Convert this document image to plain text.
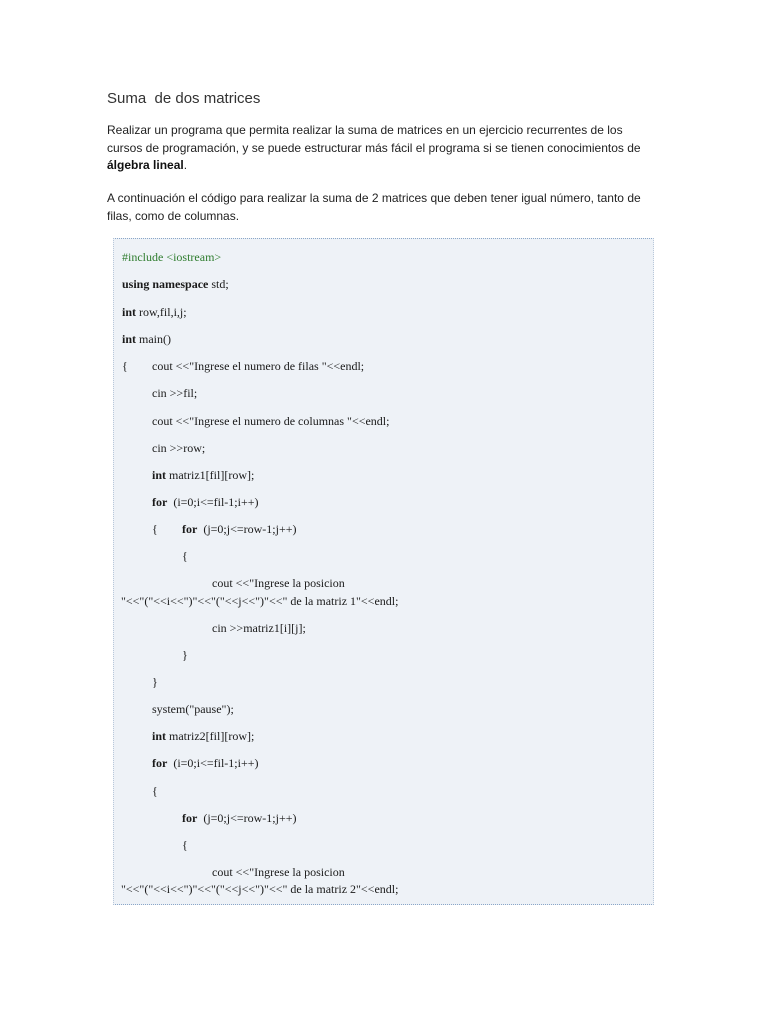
Suma  de dos matrices

Realizar un programa que permita realizar la suma de matrices en un ejercicio recurrentes de los cursos de programación, y se puede estructurar más fácil el programa si se tienen conocimientos de álgebra lineal.

A continuación el código para realizar la suma de 2 matrices que deben tener igual número, tanto de filas, como de columnas.

#include <iostream>
using namespace std;
int row,fil,i,j;
int main()
{ cout <<"Ingrese el numero de filas "<<endl;
cin >>fil;
cout <<"Ingrese el numero de columnas "<<endl;
cin >>row;
int matriz1[fil][row];
for  (i=0;i<=fil-1;i++)
{ for  (j=0;j<=row-1;j++)
{
cout <<"Ingrese la posicion
"<<"("<<i<<")"<<"("<<j<<")"<<" de la matriz 1"<<endl;
cin >>matriz1[i][j];
}
}
system("pause");
int matriz2[fil][row];
for  (i=0;i<=fil-1;i++)
{
for  (j=0;j<=row-1;j++)
{
cout <<"Ingrese la posicion
"<<"("<<i<<")"<<"("<<j<<")"<<" de la matriz 2"<<endl;
